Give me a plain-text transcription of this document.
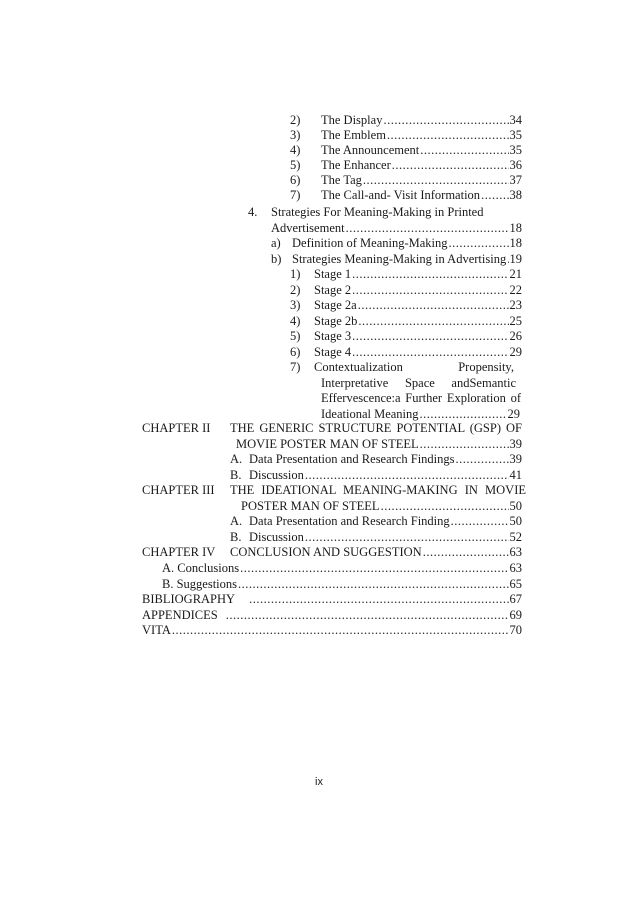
2) The Display .....	34
3) The Emblem .....	35
4) The Announcement .....	35
5) The Enhancer .....	36
6) The Tag .....	37
7) The Call-and- Visit Information ..... 38
4. Strategies For Meaning-Making in Printed
Advertisement .....	18
a) Definition of Meaning-Making .....	18
b) Strategies Meaning-Making in Advertising ..... 19
1) Stage 1 .....	21
2) Stage 2 .....	22
3) Stage 2a .....	23
4) Stage 2b .....	25
5) Stage 3 .....	26
6) Stage 4 .....	29
7) Contextualization Propensity,
Interpretative Space andSemantic
Effervescence:a Further Exploration of
Ideational Meaning .....	29
CHAPTER II THE GENERIC STRUCTURE POTENTIAL (GSP) OF
MOVIE POSTER MAN OF STEEL .....	39
A. Data Presentation and Research Findings .....	39
B. Discussion .....	41
CHAPTER III THE IDEATIONAL MEANING-MAKING IN MOVIE
POSTER MAN OF STEEL .....	50
A. Data Presentation and Research Finding .....	50
B. Discussion .....	52
CHAPTER IV CONCLUSION AND SUGGESTION .....	63
A. Conclusions .....	63
B. Suggestions .....	65
BIBLIOGRAPHY .....	67
APPENDICES .....	69
VITA .....	70
ix
